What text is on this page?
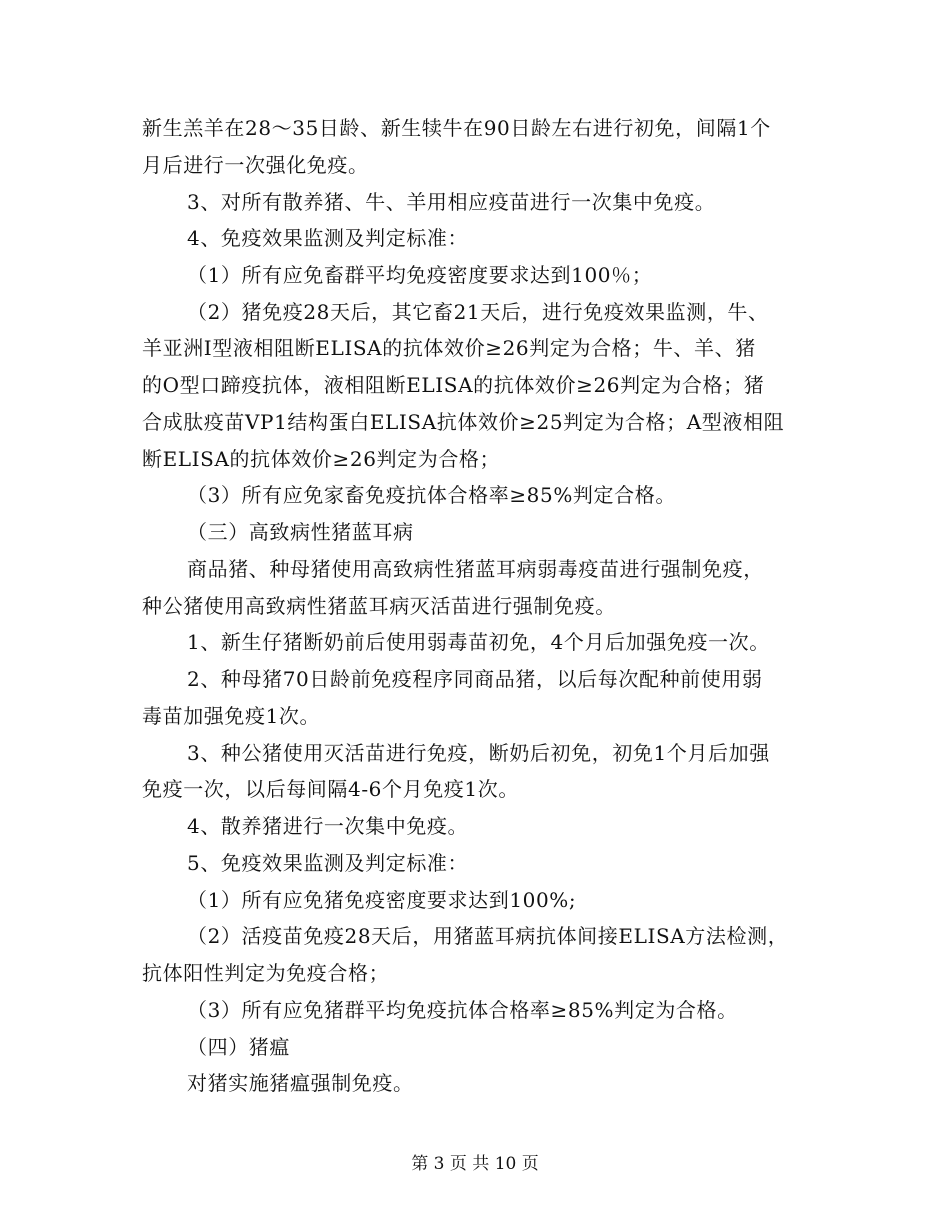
新生羔羊在28～35日龄、新生犊牛在90日龄左右进行初免，间隔1个
月后进行一次强化免疫。
3、对所有散养猪、牛、羊用相应疫苗进行一次集中免疫。
4、免疫效果监测及判定标准：
（1）所有应免畜群平均免疫密度要求达到100％；
（2）猪免疫28天后，其它畜21天后，进行免疫效果监测，牛、
羊亚洲Ⅰ型液相阻断ELISA的抗体效价≥26判定为合格；牛、羊、猪
的O型口蹄疫抗体，液相阻断ELISA的抗体效价≥26判定为合格；猪
合成肽疫苗VP1结构蛋白ELISA抗体效价≥25判定为合格；A型液相阻
断ELISA的抗体效价≥26判定为合格；
（3）所有应免家畜免疫抗体合格率≥85%判定合格。
（三）高致病性猪蓝耳病
商品猪、种母猪使用高致病性猪蓝耳病弱毒疫苗进行强制免疫，
种公猪使用高致病性猪蓝耳病灭活苗进行强制免疫。
1、新生仔猪断奶前后使用弱毒苗初免，4个月后加强免疫一次。
2、种母猪70日龄前免疫程序同商品猪，以后每次配种前使用弱
毒苗加强免疫1次。
3、种公猪使用灭活苗进行免疫，断奶后初免，初免1个月后加强
免疫一次，以后每间隔4-6个月免疫1次。
4、散养猪进行一次集中免疫。
5、免疫效果监测及判定标准：
（1）所有应免猪免疫密度要求达到100%;
（2）活疫苗免疫28天后，用猪蓝耳病抗体间接ELISA方法检测，
抗体阳性判定为免疫合格；
（3）所有应免猪群平均免疫抗体合格率≥85%判定为合格。
（四）猪瘟
对猪实施猪瘟强制免疫。
第 3 页 共 10 页
